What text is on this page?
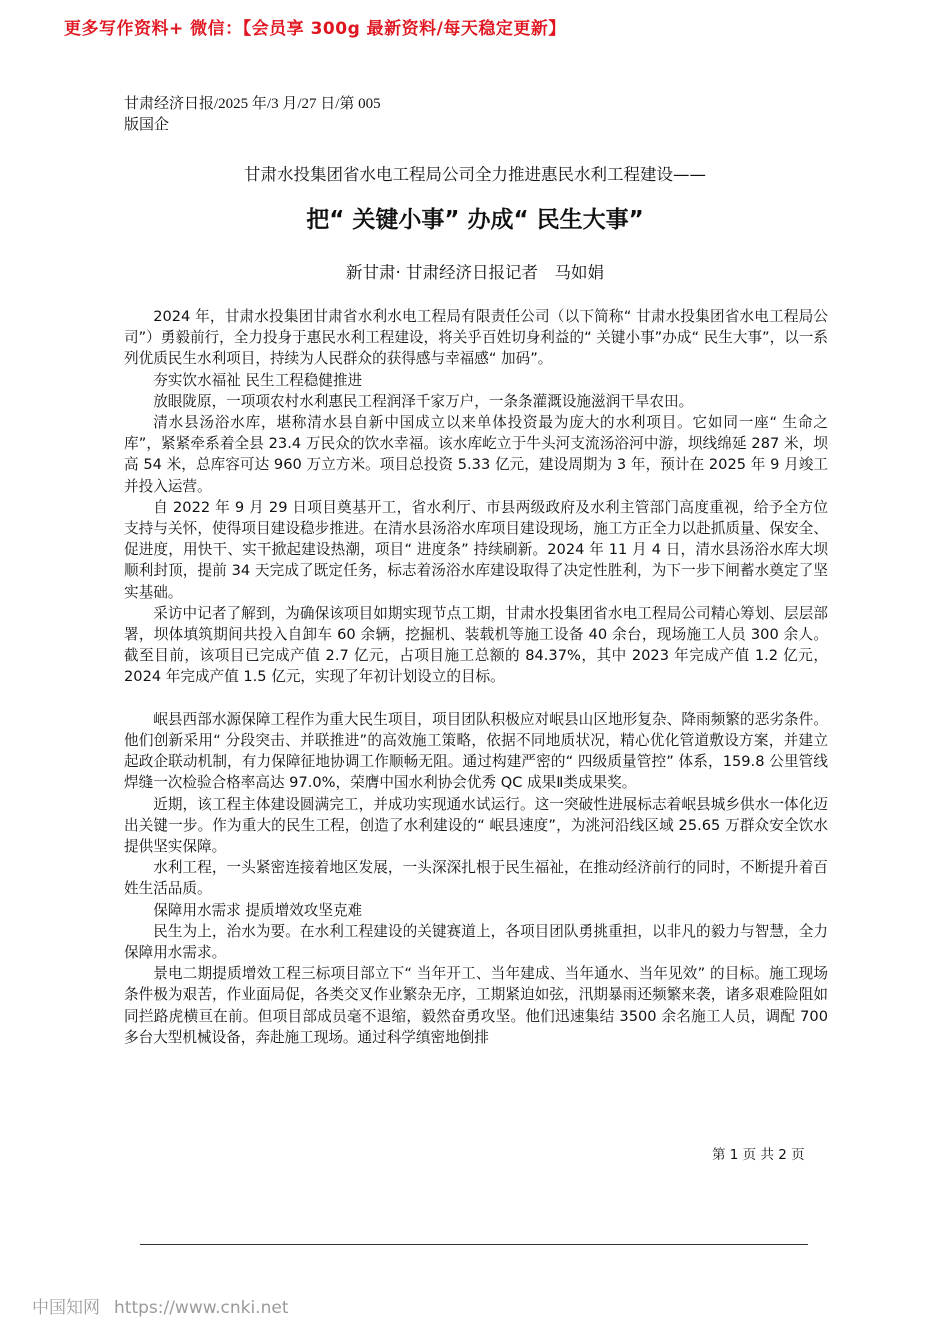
更多写作资料+ 微信：【会员享 300g 最新资料/每天稳定更新】
甘肃经济日报/2025 年/3 月/27 日/第 005
版国企
甘肃水投集团省水电工程局公司全力推进惠民水利工程建设——
把“ 关键小事” 办成“ 民生大事”
新甘肃· 甘肃经济日报记者　马如娟

2024 年，甘肃水投集团甘肃省水利水电工程局有限责任公司（以下简称“ 甘肃水投集团省水电工程局公司”）勇毅前行，全力投身于惠民水利工程建设，将关乎百姓切身利益的“ 关键小事”办成“ 民生大事”，以一系列优质民生水利项目，持续为人民群众的获得感与幸福感“ 加码”。

夯实饮水福祉 民生工程稳健推进

放眼陇原，一项项农村水利惠民工程润泽千家万户，一条条灌溉设施滋润干旱农田。

清水县汤浴水库，堪称清水县自新中国成立以来单体投资最为庞大的水利项目。它如同一座“ 生命之库”，紧紧牵系着全县 23.4 万民众的饮水幸福。该水库屹立于牛头河支流汤浴河中游，坝线绵延 287 米，坝高 54 米，总库容可达 960 万立方米。项目总投资 5.33 亿元，建设周期为 3 年，预计在 2025 年 9 月竣工并投入运营。

自 2022 年 9 月 29 日项目奠基开工，省水利厅、市县两级政府及水利主管部门高度重视，给予全方位支持与关怀，使得项目建设稳步推进。在清水县汤浴水库项目建设现场，施工方正全力以赴抓质量、保安全、促进度，用快干、实干掀起建设热潮，项目“ 进度条” 持续刷新。2024 年 11 月 4 日，清水县汤浴水库大坝顺利封顶，提前 34 天完成了既定任务，标志着汤浴水库建设取得了决定性胜利，为下一步下闸蓄水奠定了坚实基础。

采访中记者了解到，为确保该项目如期实现节点工期，甘肃水投集团省水电工程局公司精心筹划、层层部署，坝体填筑期间共投入自卸车 60 余辆，挖掘机、装载机等施工设备 40 余台，现场施工人员 300 余人。截至目前，该项目已完成产值 2.7 亿元，占项目施工总额的 84.37%，其中 2023 年完成产值 1.2 亿元，2024 年完成产值 1.5 亿元，实现了年初计划设立的目标。

岷县西部水源保障工程作为重大民生项目，项目团队积极应对岷县山区地形复杂、降雨频繁的恶劣条件。他们创新采用“ 分段突击、并联推进”的高效施工策略，依据不同地质状况，精心优化管道敷设方案，并建立起政企联动机制，有力保障征地协调工作顺畅无阻。通过构建严密的“ 四级质量管控” 体系，159.8 公里管线焊缝一次检验合格率高达 97.0%，荣膺中国水利协会优秀 QC 成果Ⅱ类成果奖。

近期，该工程主体建设圆满完工，并成功实现通水试运行。这一突破性进展标志着岷县城乡供水一体化迈出关键一步。作为重大的民生工程，创造了水利建设的“ 岷县速度”，为洮河沿线区域 25.65 万群众安全饮水提供坚实保障。

水利工程，一头紧密连接着地区发展，一头深深扎根于民生福祉，在推动经济前行的同时，不断提升着百姓生活品质。

保障用水需求 提质增效攻坚克难

民生为上，治水为要。在水利工程建设的关键赛道上，各项目团队勇挑重担，以非凡的毅力与智慧，全力保障用水需求。

景电二期提质增效工程三标项目部立下“ 当年开工、当年建成、当年通水、当年见效” 的目标。施工现场条件极为艰苦，作业面局促，各类交叉作业繁杂无序，工期紧迫如弦，汛期暴雨还频繁来袭，诸多艰难险阻如同拦路虎横亘在前。但项目部成员毫不退缩，毅然奋勇攻坚。他们迅速集结 3500 余名施工人员，调配 700 多台大型机械设备，奔赴施工现场。通过科学缜密地倒排

第 1 页 共 2 页
中国知网 https://www.cnki.net
